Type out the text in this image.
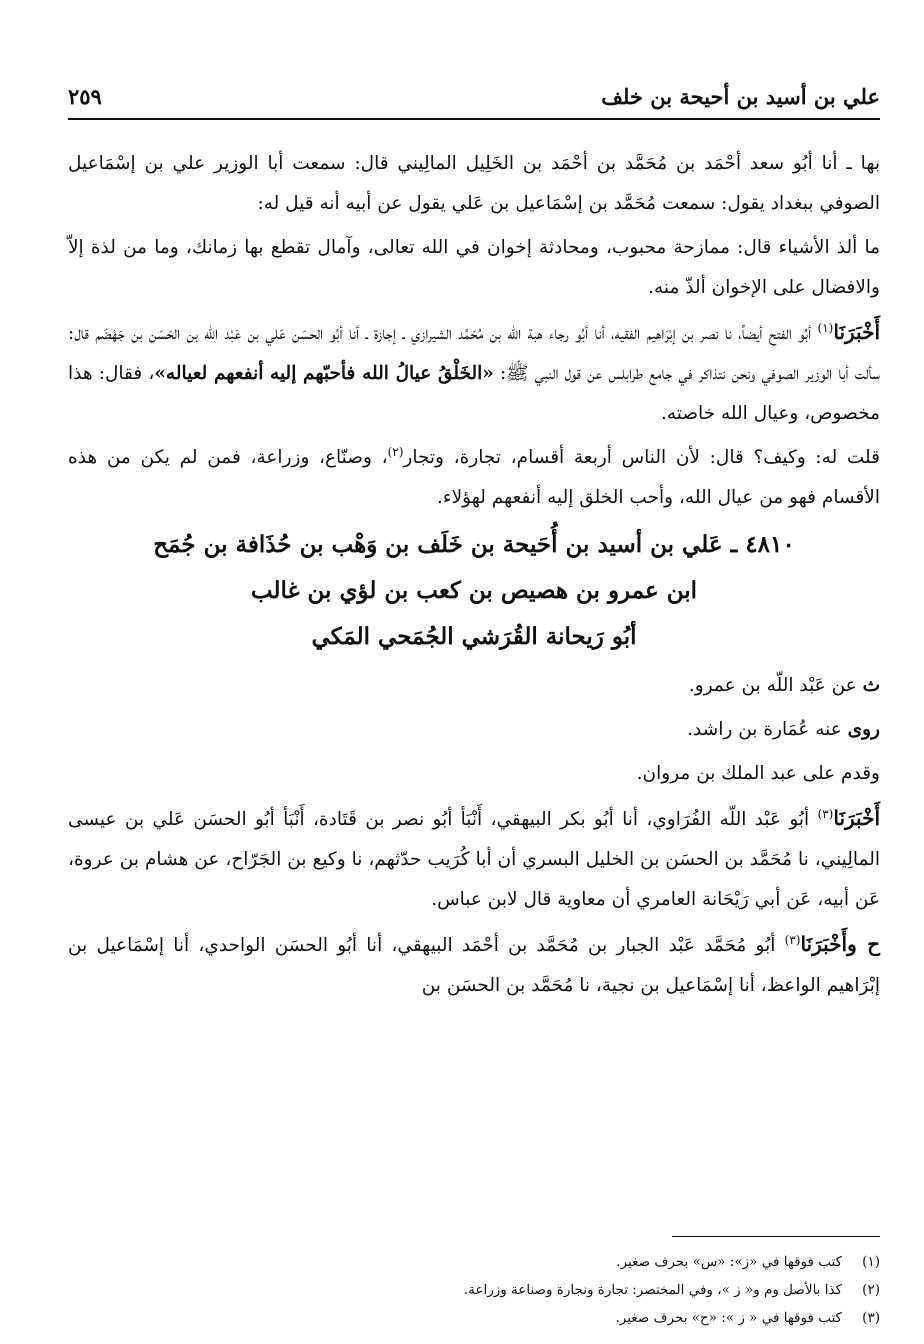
علي بن أسيد بن أحيحة بن خلف
٢٥٩

بها ـ أنا أبُو سعد أحْمَد بن مُحَمَّد بن أحْمَد بن الخَلِيل المالِيني قال: سمعت أبا الوزير علي بن إسْمَاعيل الصوفي ببغداد يقول: سمعت مُحَمَّد بن إسْمَاعيل بن عَلي يقول عن أبيه أنه قيل له:

ما ألذ الأشياء قال: ممازحة محبوب، ومحادثة إخوان في الله تعالى، وآمال تقطع بها زمانك، وما من لذة إلاّ والافضال على الإخوان ألذّ منه.

أَخْبَرَنَا$^{(١)}$ أبُو الفتح أيضاً، نا نصر بن إبْرَاهيم الفقيه، أنا أبُو رجاء هبة اللّه بن مُحَمَّد الشيرازي ـ إجازة ـ أنا أبُو الحسَن عَلي بن عَبْد اللّه بن الحَسَن بن جَهْضَم قال: سألت أبا الوزير الصوفي ونحن نتذاكر في جامع طرابلس عن قول النبي ﷺ: «الخَلْقُ عيالُ الله فأحبّهم إليه أنفعهم لعياله»، فقال: هذا مخصوص، وعيال الله خاصته.

قلت له: وكيف؟ قال: لأن الناس أربعة أقسام، تجارة، وتجار$^{(٢)}$، وصنّاع، وزراعة، فمن لم يكن من هذه الأقسام فهو من عيال الله، وأحب الخلق إليه أنفعهم لهؤلاء.

٤٨١٠ ـ عَلي بن أسيد بن أُحَيحة بن خَلَف بن وَهْب بن حُذَافة بن جُمَح
ابن عمرو بن هصيص بن كعب بن لؤي بن غالب
أبُو رَيحانة القُرَشي الجُمَحي المَكي

ث عن عَبْد اللّه بن عمرو.

روى عنه عُمَارة بن راشد.

وقدم على عبد الملك بن مروان.

أَخْبَرَنَا$^{(٣)}$ أبُو عَبْد اللّه الفُرَاوي، أنا أبُو بكر البيهقي، أَنْبَأ أبُو نصر بن قَتَادة، أَنْبَأ أبُو الحسَن عَلي بن عيسى المالِيني، نا مُحَمَّد بن الحسَن بن الخليل البسري أن أبا كُرَيب حدّثهم، نا وكيع بن الجَرّاح، عن هشام بن عروة، عَن أبيه، عَن أبي رَيْحَانة العامري أن معاوية قال لابن عباس.

ح وأَخْبَرَنَا$^{(٣)}$ أبُو مُحَمَّد عَبْد الجبار بن مُحَمَّد بن أحْمَد البيهقي، أنا أبُو الحسَن الواحدي، أنا إسْمَاعيل بن إبْرَاهيم الواعظ، أنا إسْمَاعيل بن نجية، نا مُحَمَّد بن الحسَن بن

(١)
كتب فوقها في «ز»: «س» بحرف صغير.
(٢)
كذا بالأصل وم و« ز »، وفي المختصر: تجارة ونجارة وصناعة وزراعة.
(٣)
كتب فوقها في « ز »: «ح» بحرف صغير.
